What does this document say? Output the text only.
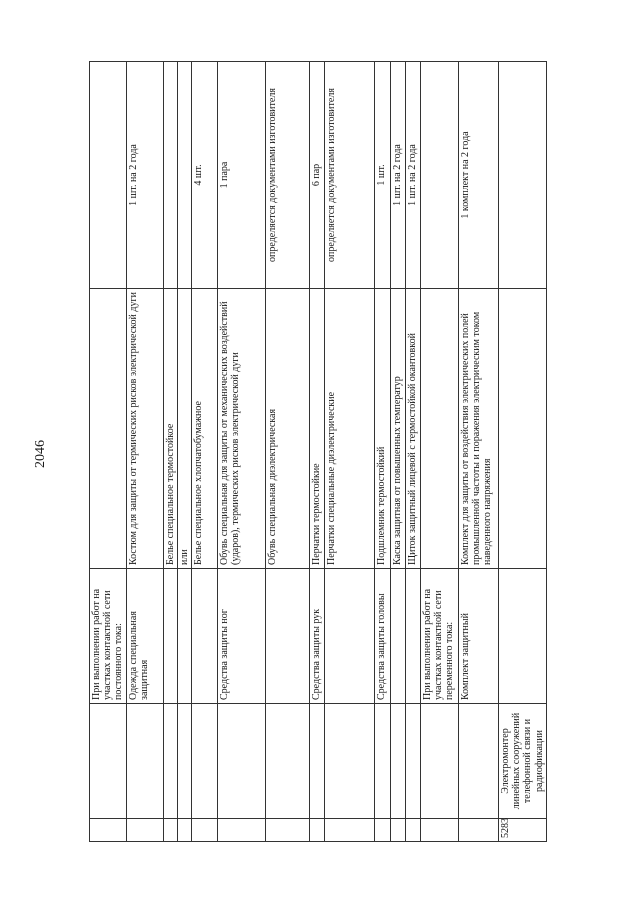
2046
		При выполнении работ на участках контактной сети постоянного тока:		
		Одежда специальная защитная	Костюм для защиты от термических рисков электрической дуги	1 шт. на 2 года
			Белье специальное термостойкое	
			или	
			Белье специальное хлопчатобумажное	4 шт.
		Средства защиты ног	Обувь специальная для защиты от механических воздействий (ударов), термических рисков электрической дуги	1 пара
			Обувь специальная диэлектрическая	определяется документами изготовителя
		Средства защиты рук	Перчатки термостойкие	6 пар
			Перчатки специальные диэлектрические	определяется документами изготовителя
		Средства защиты головы	Подшлемник термостойкий	1 шт.
			Каска защитная от повышенных температур	1 шт. на 2 года
			Щиток защитный лицевой с термостойкой окантовкой	1 шт. на 2 года
		При выполнении работ на участках контактной сети переменного тока:		
		Комплект защитный	Комплект для защиты от воздействия электрических полей промышленной частоты и поражения электрическим током наведенного напряжения	1 комплект на 2 года
5283	Электромонтер линейных сооружений телефонной связи и радиофикации			
